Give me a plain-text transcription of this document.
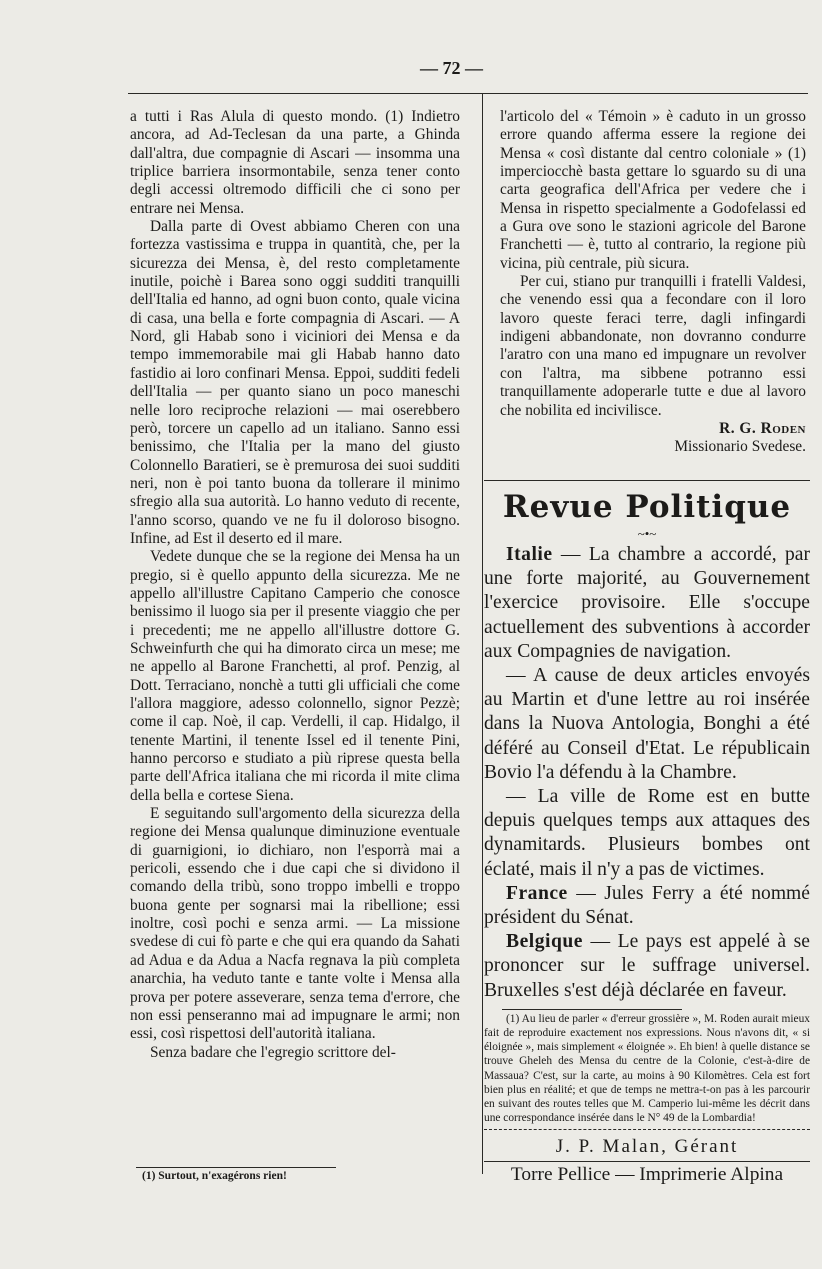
— 72 —

a tutti i Ras Alula di questo mondo. (1) Indietro ancora, ad Ad-Teclesan da una parte, a Ghinda dall'altra, due compagnie di Ascari — insomma una triplice barriera insormontabile, senza tener conto degli accessi oltremodo difficili che ci sono per entrare nei Mensa.

Dalla parte di Ovest abbiamo Cheren con una fortezza vastissima e truppa in quantità, che, per la sicurezza dei Mensa, è, del resto completamente inutile, poichè i Barea sono oggi sudditi tranquilli dell'Italia ed hanno, ad ogni buon conto, quale vicina di casa, una bella e forte compagnia di Ascari. — A Nord, gli Habab sono i viciniori dei Mensa e da tempo immemorabile mai gli Habab hanno dato fastidio ai loro confinari Mensa. Eppoi, sudditi fedeli dell'Italia — per quanto siano un poco maneschi nelle loro reciproche relazioni — mai oserebbero però, torcere un capello ad un italiano. Sanno essi benissimo, che l'Italia per la mano del giusto Colonnello Baratieri, se è premurosa dei suoi sudditi neri, non è poi tanto buona da tollerare il minimo sfregio alla sua autorità. Lo hanno veduto di recente, l'anno scorso, quando ve ne fu il doloroso bisogno. Infine, ad Est il deserto ed il mare.

Vedete dunque che se la regione dei Mensa ha un pregio, si è quello appunto della sicurezza. Me ne appello all'illustre Capitano Camperio che conosce benissimo il luogo sia per il presente viaggio che per i precedenti; me ne appello all'illustre dottore G. Schweinfurth che qui ha dimorato circa un mese; me ne appello al Barone Franchetti, al prof. Penzig, al Dott. Terraciano, nonchè a tutti gli ufficiali che come l'allora maggiore, adesso colonnello, signor Pezzè; come il cap. Noè, il cap. Verdelli, il cap. Hidalgo, il tenente Martini, il tenente Issel ed il tenente Pini, hanno percorso e studiato a più riprese questa bella parte dell'Africa italiana che mi ricorda il mite clima della bella e cortese Siena.

E seguitando sull'argomento della sicurezza della regione dei Mensa qualunque diminuzione eventuale di guarnigioni, io dichiaro, non l'esporrà mai a pericoli, essendo che i due capi che si dividono il comando della tribù, sono troppo imbelli e troppo buona gente per sognarsi mai la ribellione; essi inoltre, così pochi e senza armi. — La missione svedese di cui fò parte e che qui era quando da Sahati ad Adua e da Adua a Nacfa regnava la più completa anarchia, ha veduto tante e tante volte i Mensa alla prova per potere asseverare, senza tema d'errore, che non essi penseranno mai ad impugnare le armi; non essi, così rispettosi dell'autorità italiana.

Senza badare che l'egregio scrittore del-

(1) Surtout, n'exagérons rien!

l'articolo del « Témoin » è caduto in un grosso errore quando afferma essere la regione dei Mensa « così distante dal centro coloniale » (1) imperciocchè basta gettare lo sguardo su di una carta geografica dell'Africa per vedere che i Mensa in rispetto specialmente a Godofelassi ed a Gura ove sono le stazioni agricole del Barone Franchetti — è, tutto al contrario, la regione più vicina, più centrale, più sicura.

Per cui, stiano pur tranquilli i fratelli Valdesi, che venendo essi qua a fecondare con il loro lavoro queste feraci terre, dagli infingardi indigeni abbandonate, non dovranno condurre l'aratro con una mano ed impugnare un revolver con l'altra, ma sibbene potranno essi tranquillamente adoperarle tutte e due al lavoro che nobilita ed incivilisce.

R. G. Roden
Missionario Svedese.
Revue Politique
~•~

Italie — La chambre a accordé, par une forte majorité, au Gouvernement l'exercice provisoire. Elle s'occupe actuellement des subventions à accorder aux Compagnies de navigation.

— A cause de deux articles envoyés au Martin et d'une lettre au roi insérée dans la Nuova Antologia, Bonghi a été déféré au Conseil d'Etat. Le républicain Bovio l'a défendu à la Chambre.

— La ville de Rome est en butte depuis quelques temps aux attaques des dynamitards. Plusieurs bombes ont éclaté, mais il n'y a pas de victimes.

France — Jules Ferry a été nommé président du Sénat.

Belgique — Le pays est appelé à se prononcer sur le suffrage universel. Bruxelles s'est déjà déclarée en faveur.

(1) Au lieu de parler « d'erreur grossière », M. Roden aurait mieux fait de reproduire exactement nos expressions. Nous n'avons dit, « si éloignée », mais simplement « éloignée ». Eh bien! à quelle distance se trouve Gheleh des Mensa du centre de la Colonie, c'est-à-dire de Massaua? C'est, sur la carte, au moins à 90 Kilomètres. Cela est fort bien plus en réalité; et que de temps ne mettra-t-on pas à les parcourir en suivant des routes telles que M. Camperio lui-même les décrit dans une correspondance insérée dans le N° 49 de la Lombardia!

J. P. Malan, Gérant
Torre Pellice — Imprimerie Alpina
